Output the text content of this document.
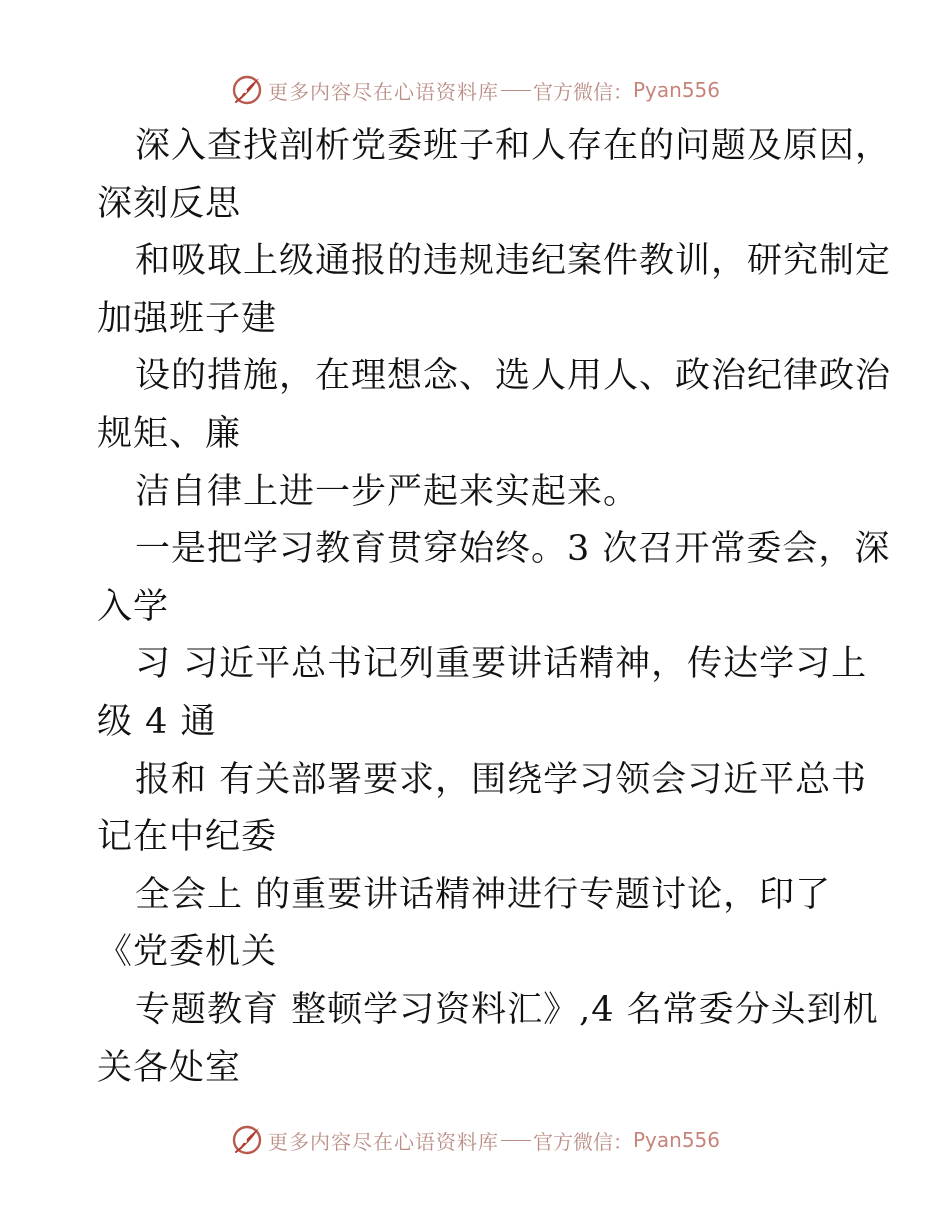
更多内容尽在心语资料库 官方微信： Pyan556
深入查找剖析党委班子和人存在的问题及原因，
深刻反思
和吸取上级通报的违规违纪案件教训，研究制定
加强班子建
设的措施，在理想念、选人用人、政治纪律政治
规矩、廉
洁自律上进一步严起来实起来。
一是把学习教育贯穿始终。3 次召开常委会，深
入学
习 习近平总书记列重要讲话精神，传达学习上
级 4 通
报和 有关部署要求，围绕学习领会习近平总书
记在中纪委
全会上 的重要讲话精神进行专题讨论，印了
《党委机关
专题教育 整顿学习资料汇》,4 名常委分头到机
关各处室
更多内容尽在心语资料库 官方微信： Pyan556
